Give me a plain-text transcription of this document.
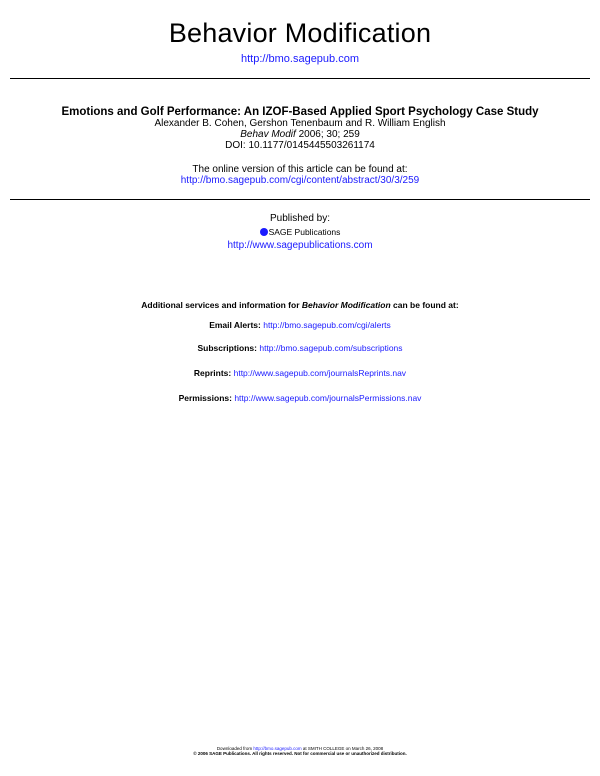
Behavior Modification
http://bmo.sagepub.com
Emotions and Golf Performance: An IZOF-Based Applied Sport Psychology Case Study
Alexander B. Cohen, Gershon Tenenbaum and R. William English
Behav Modif 2006; 30; 259
DOI: 10.1177/0145445503261174
The online version of this article can be found at:
http://bmo.sagepub.com/cgi/content/abstract/30/3/259
Published by:
SAGE Publications
http://www.sagepublications.com
Additional services and information for Behavior Modification can be found at:
Email Alerts: http://bmo.sagepub.com/cgi/alerts
Subscriptions: http://bmo.sagepub.com/subscriptions
Reprints: http://www.sagepub.com/journalsReprints.nav
Permissions: http://www.sagepub.com/journalsPermissions.nav
Downloaded from http://bmo.sagepub.com at SMITH COLLEGE on March 26, 2008
© 2006 SAGE Publications. All rights reserved. Not for commercial use or unauthorized distribution.
